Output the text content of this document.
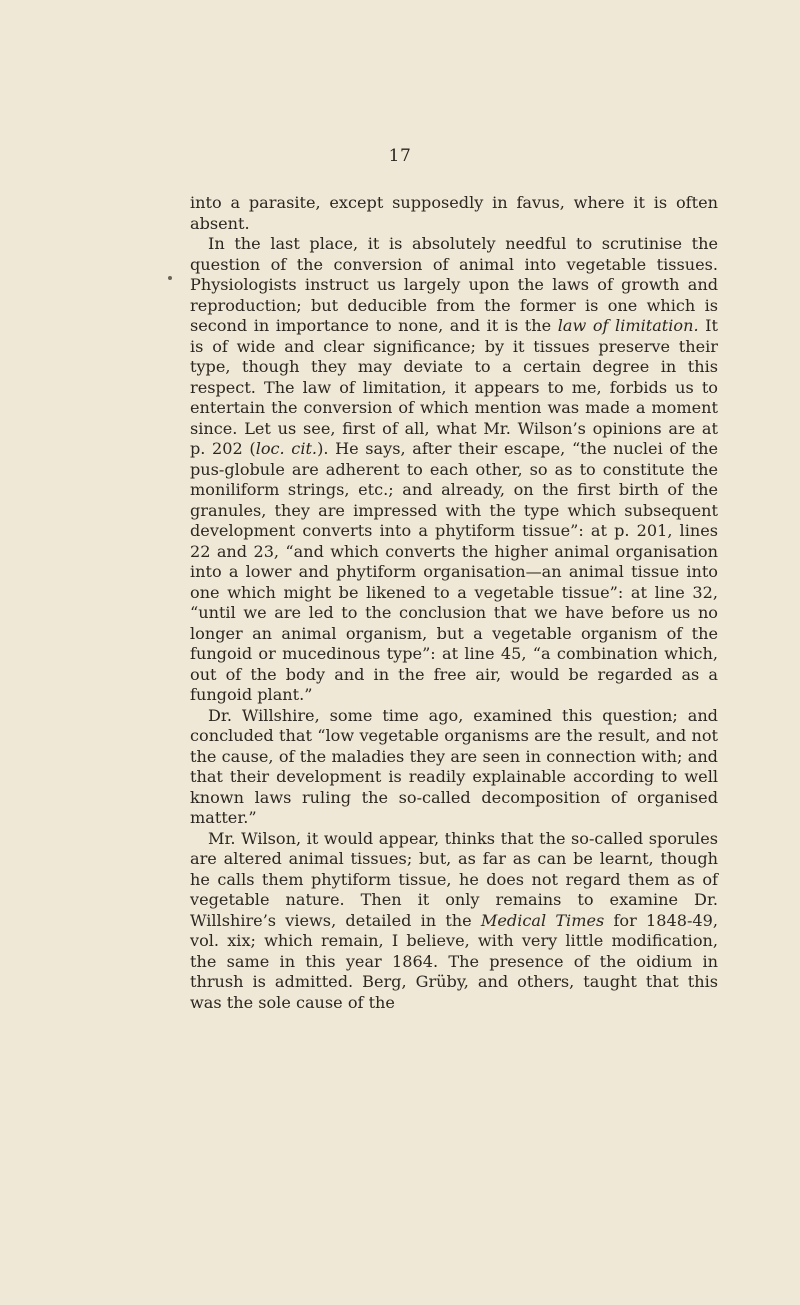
17

into a parasite, except supposedly in favus, where it is often absent.

In the last place, it is absolutely needful to scrutinise the question of the conversion of animal into vegetable tissues. Physiologists instruct us largely upon the laws of growth and reproduction; but deducible from the former is one which is second in importance to none, and it is the law of limitation. It is of wide and clear significance; by it tissues preserve their type, though they may deviate to a certain degree in this respect. The law of limitation, it appears to me, forbids us to entertain the conversion of which mention was made a moment since. Let us see, first of all, what Mr. Wilson’s opinions are at p. 202 (loc. cit.). He says, after their escape, “the nuclei of the pus-globule are adherent to each other, so as to constitute the moniliform strings, etc.; and already, on the first birth of the granules, they are impressed with the type which subsequent development converts into a phytiform tissue”: at p. 201, lines 22 and 23, “and which converts the higher animal organisation into a lower and phytiform organisation—an animal tissue into one which might be likened to a vegetable tissue”: at line 32, “until we are led to the conclusion that we have before us no longer an animal organism, but a vegetable organism of the fungoid or mucedinous type”: at line 45, “a combination which, out of the body and in the free air, would be regarded as a fungoid plant.”

Dr. Willshire, some time ago, examined this question; and concluded that “low vegetable organisms are the result, and not the cause, of the maladies they are seen in connection with; and that their development is readily explainable according to well known laws ruling the so-called decomposition of organised matter.”

Mr. Wilson, it would appear, thinks that the so-called sporules are altered animal tissues; but, as far as can be learnt, though he calls them phytiform tissue, he does not regard them as of vegetable nature. Then it only remains to examine Dr. Willshire’s views, detailed in the Medical Times for 1848-49, vol. xix; which remain, I believe, with very little modification, the same in this year 1864. The presence of the oidium in thrush is admitted. Berg, Grüby, and others, taught that this was the sole cause of the
